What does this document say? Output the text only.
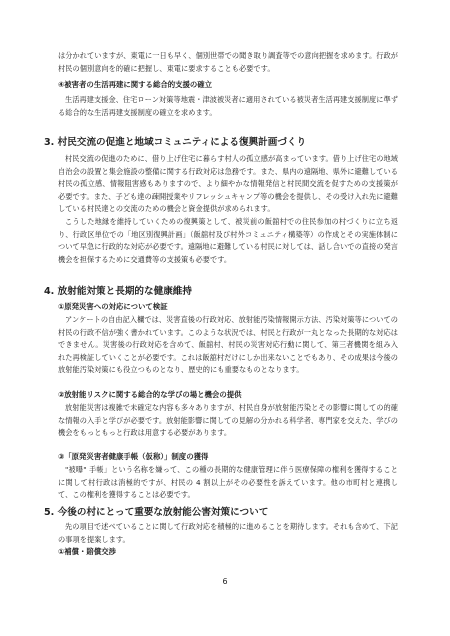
は分かれていますが、東電に一日も早く、個別世帯での聞き取り調査等での意向把握を求めます。行政が村民の個別意向を的確に把握し、東電に要求することも必要です。
④被害者の生活再建に関する総合的支援の確立
生活再建支援金、住宅ローン対策等地震・津波被災者に適用されている被災者生活再建支援制度に準ずる総合的な生活再建支援制度の確立を求めます。
3. 村民交流の促進と地域コミュニティによる復興計画づくり
村民交流の促進のために、借り上げ住宅に暮らす村人の孤立感が高まっています。借り上げ住宅の地域自治会の設置と集会施設の整備に関する行政対応は急務です。また、県内の遠隔地、県外に避難している村民の孤立感、情報阻害感もありますので、より細やかな情報発信と村民間交流を促すための支援策が必要です。また、子ども達の疎開授業やリフレッシュキャンプ等の機会を提供し、その受け入れ先に避難している村民達との交流のための機会と資金提供が求められます。
こうした地縁を維持していくための復興策として、被災前の飯舘村での住民参加の村づくりに立ち返り、行政区単位での「地区別復興計画」（飯舘村及び村外コミュニティ構築等）の作成とその実施体制について早急に行政的な対応が必要です。遠隔地に避難している村民に対しては、話し合いでの直接の発言機会を担保するために交通費等の支援策も必要です。
4. 放射能対策と長期的な健康維持
①原発災害への対応について検証
アンケートの自由記入欄では、災害直後の行政対応、放射能汚染情報開示方法、汚染対策等についての村民の行政不信が強く書かれています。このような状況では、村民と行政が一丸となった長期的な対応はできません。災害後の行政対応を含めて、飯舘村、村民の災害対応行動に関して、第三者機関を組み入れた再検証していくことが必要です。これは飯舘村だけにしか出来ないことでもあり、その成果は今後の放射能汚染対策にも役立つものとなり、歴史的にも重要なものとなります。
②放射能リスクに関する総合的な学びの場と機会の提供
放射能災害は複雑で未確定な内容も多々ありますが、村民自身が放射能汚染とその影響に関しての的確な情報の入手と学びが必要です。放射能影響に関しての見解の分かれる科学者、専門家を交えた、学びの機会をもっともっと行政は用意する必要があります。
③「原発災害者健康手帳（仮称）」制度の獲得
"被曝" 手帳」という名称を嫌って、この種の長期的な健康管理に伴う医療保障の権利を獲得することに関して村行政は消極的ですが、村民の 4 割以上がその必要性を訴えています。他の市町村と連携して、この権利を獲得することは必要です。
5. 今後の村にとって重要な放射能公害対策について
先の項目で述べていることに関して行政対応を積極的に進めることを期待します。それも含めて、下記の事項を提案します。
①補償・賠償交渉
6
